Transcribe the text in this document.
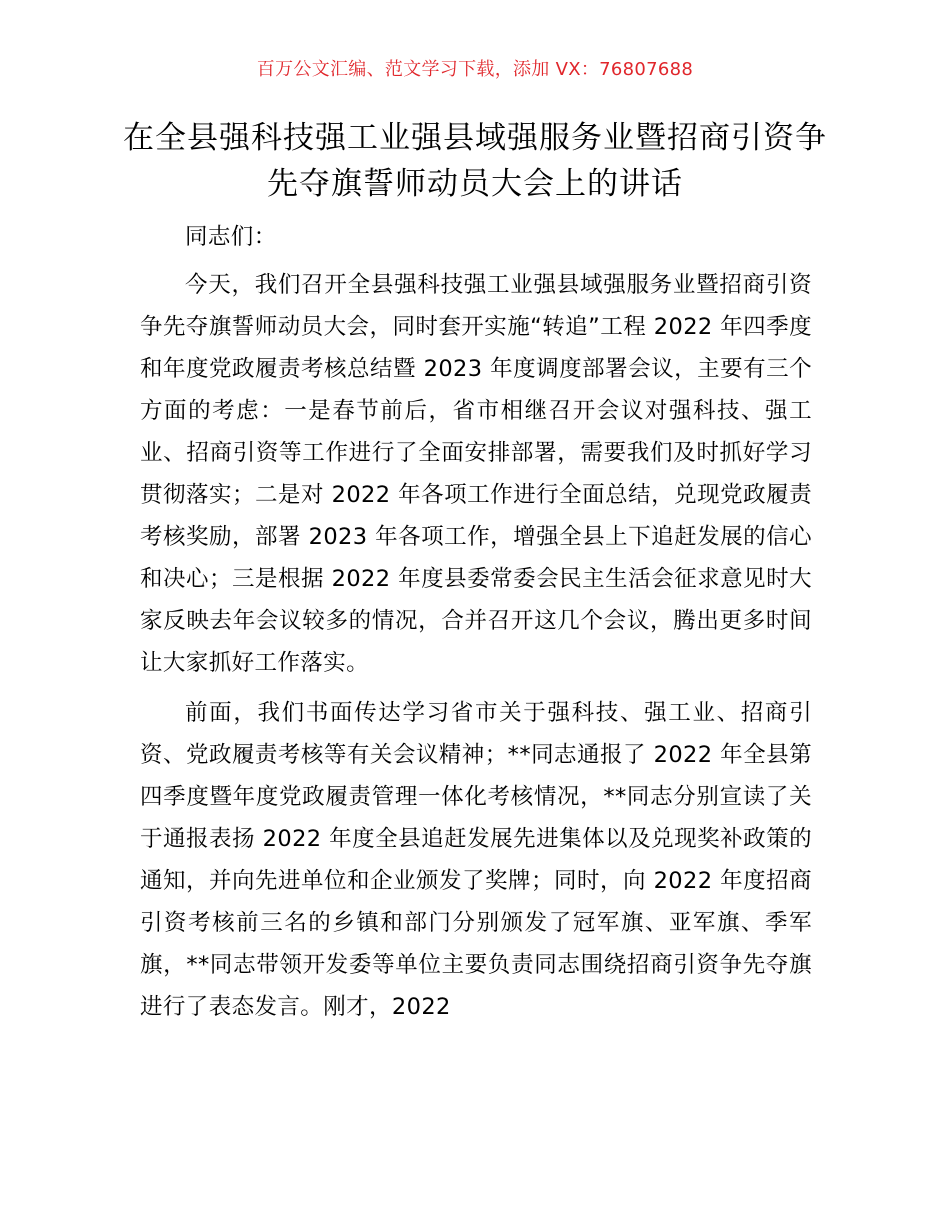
百万公文汇编、范文学习下载，添加 VX：76807688
在全县强科技强工业强县域强服务业暨招商引资争先夺旗誓师动员大会上的讲话

同志们：

今天，我们召开全县强科技强工业强县域强服务业暨招商引资争先夺旗誓师动员大会，同时套开实施“转追”工程 2022 年四季度和年度党政履责考核总结暨 2023 年度调度部署会议，主要有三个方面的考虑：一是春节前后，省市相继召开会议对强科技、强工业、招商引资等工作进行了全面安排部署，需要我们及时抓好学习贯彻落实；二是对 2022 年各项工作进行全面总结，兑现党政履责考核奖励，部署 2023 年各项工作，增强全县上下追赶发展的信心和决心；三是根据 2022 年度县委常委会民主生活会征求意见时大家反映去年会议较多的情况，合并召开这几个会议，腾出更多时间让大家抓好工作落实。

前面，我们书面传达学习省市关于强科技、强工业、招商引资、党政履责考核等有关会议精神；**同志通报了 2022 年全县第四季度暨年度党政履责管理一体化考核情况，**同志分别宣读了关于通报表扬 2022 年度全县追赶发展先进集体以及兑现奖补政策的通知，并向先进单位和企业颁发了奖牌；同时，向 2022 年度招商引资考核前三名的乡镇和部门分别颁发了冠军旗、亚军旗、季军旗，**同志带领开发委等单位主要负责同志围绕招商引资争先夺旗进行了表态发言。刚才，2022
